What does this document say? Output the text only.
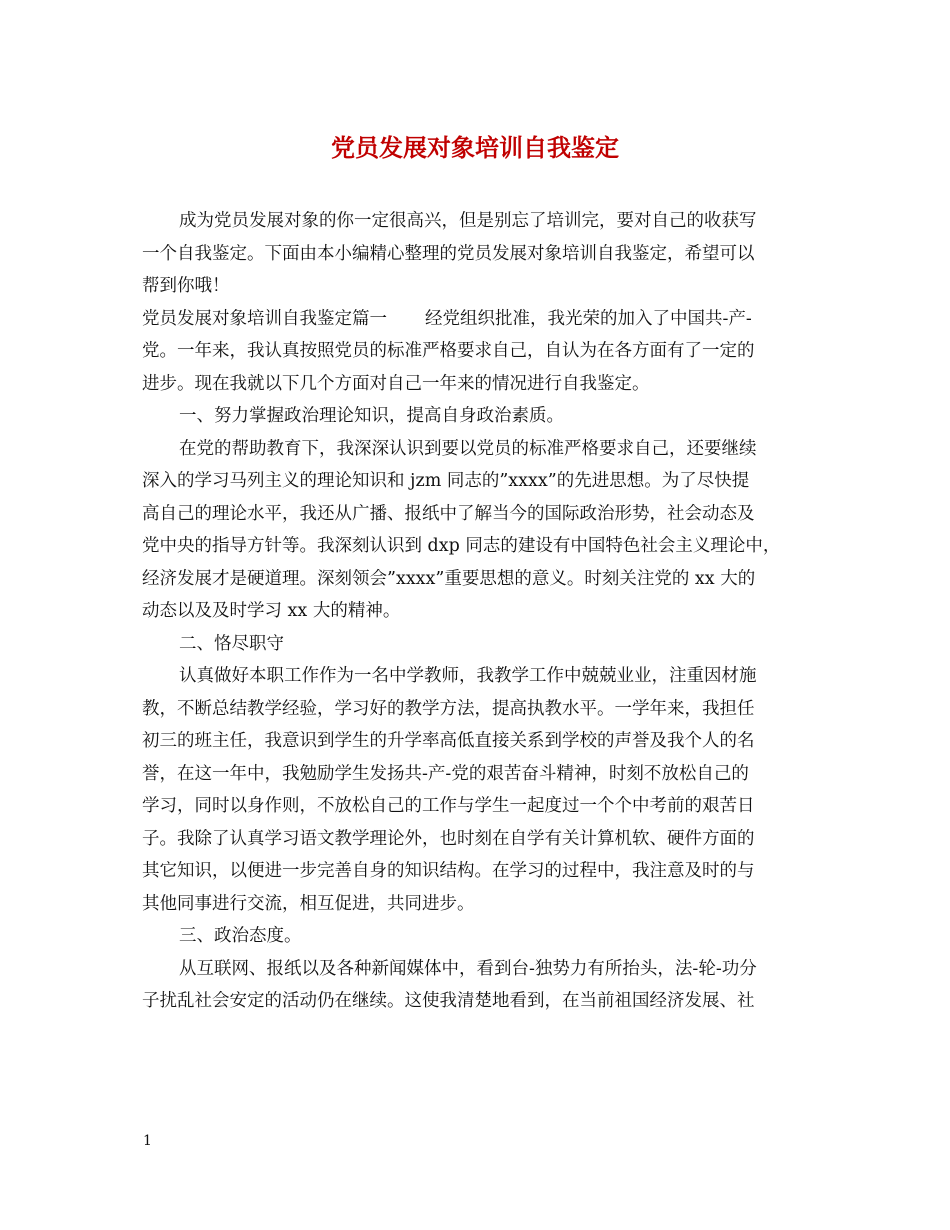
党员发展对象培训自我鉴定

成为党员发展对象的你一定很高兴，但是别忘了培训完，要对自己的收获写

一个自我鉴定。下面由本小编精心整理的党员发展对象培训自我鉴定，希望可以

帮到你哦！

党员发展对象培训自我鉴定篇一 经党组织批准，我光荣的加入了中国共-产-

党。一年来，我认真按照党员的标准严格要求自己，自认为在各方面有了一定的

进步。现在我就以下几个方面对自己一年来的情况进行自我鉴定。

一、努力掌握政治理论知识，提高自身政治素质。

在党的帮助教育下，我深深认识到要以党员的标准严格要求自己，还要继续

深入的学习马列主义的理论知识和 jzm 同志的”xxxx”的先进思想。为了尽快提

高自己的理论水平，我还从广播、报纸中了解当今的国际政治形势，社会动态及

党中央的指导方针等。我深刻认识到 dxp 同志的建设有中国特色社会主义理论中，

经济发展才是硬道理。深刻领会”xxxx”重要思想的意义。时刻关注党的 xx 大的

动态以及及时学习 xx 大的精神。

二、恪尽职守

认真做好本职工作作为一名中学教师，我教学工作中兢兢业业，注重因材施

教，不断总结教学经验，学习好的教学方法，提高执教水平。一学年来，我担任

初三的班主任，我意识到学生的升学率高低直接关系到学校的声誉及我个人的名

誉，在这一年中，我勉励学生发扬共-产-党的艰苦奋斗精神，时刻不放松自己的

学习，同时以身作则，不放松自己的工作与学生一起度过一个个中考前的艰苦日

子。我除了认真学习语文教学理论外，也时刻在自学有关计算机软、硬件方面的

其它知识，以便进一步完善自身的知识结构。在学习的过程中，我注意及时的与

其他同事进行交流，相互促进，共同进步。

三、政治态度。

从互联网、报纸以及各种新闻媒体中，看到台-独势力有所抬头，法-轮-功分

子扰乱社会安定的活动仍在继续。这使我清楚地看到，在当前祖国经济发展、社

1
